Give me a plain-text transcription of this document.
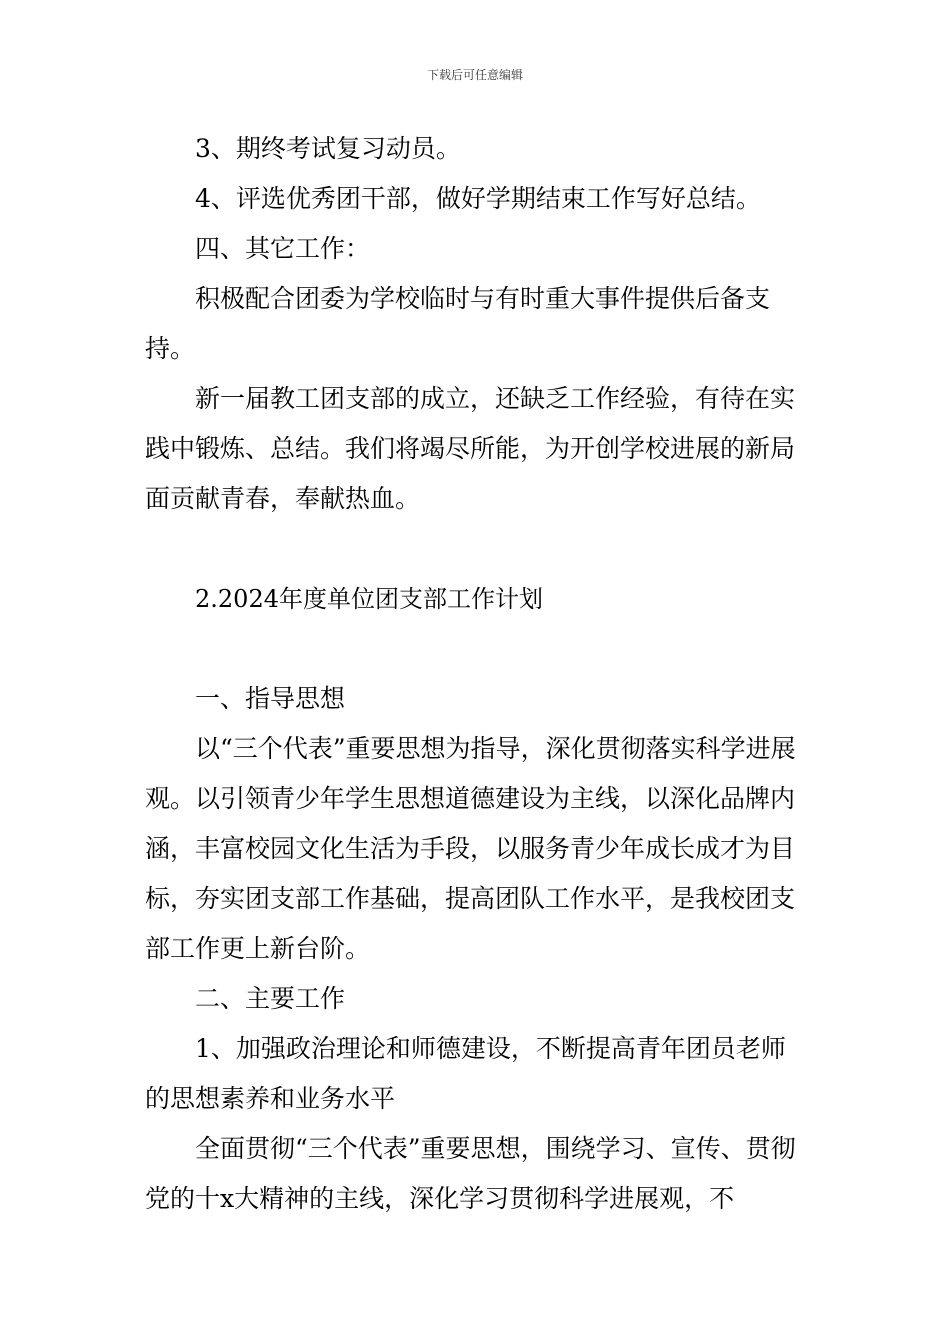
下载后可任意编辑

3、期终考试复习动员。

4、评选优秀团干部，做好学期结束工作写好总结。

四、其它工作：

积极配合团委为学校临时与有时重大事件提供后备支持。

新一届教工团支部的成立，还缺乏工作经验，有待在实践中锻炼、总结。我们将竭尽所能，为开创学校进展的新局面贡献青春，奉献热血。

2.2024年度单位团支部工作计划

一、指导思想

以“三个代表”重要思想为指导，深化贯彻落实科学进展观。以引领青少年学生思想道德建设为主线，以深化品牌内涵，丰富校园文化生活为手段，以服务青少年成长成才为目标，夯实团支部工作基础，提高团队工作水平，是我校团支部工作更上新台阶。

二、主要工作

1、加强政治理论和师德建设，不断提高青年团员老师的思想素养和业务水平

全面贯彻“三个代表”重要思想，围绕学习、宣传、贯彻党的十x大精神的主线，深化学习贯彻科学进展观，不
